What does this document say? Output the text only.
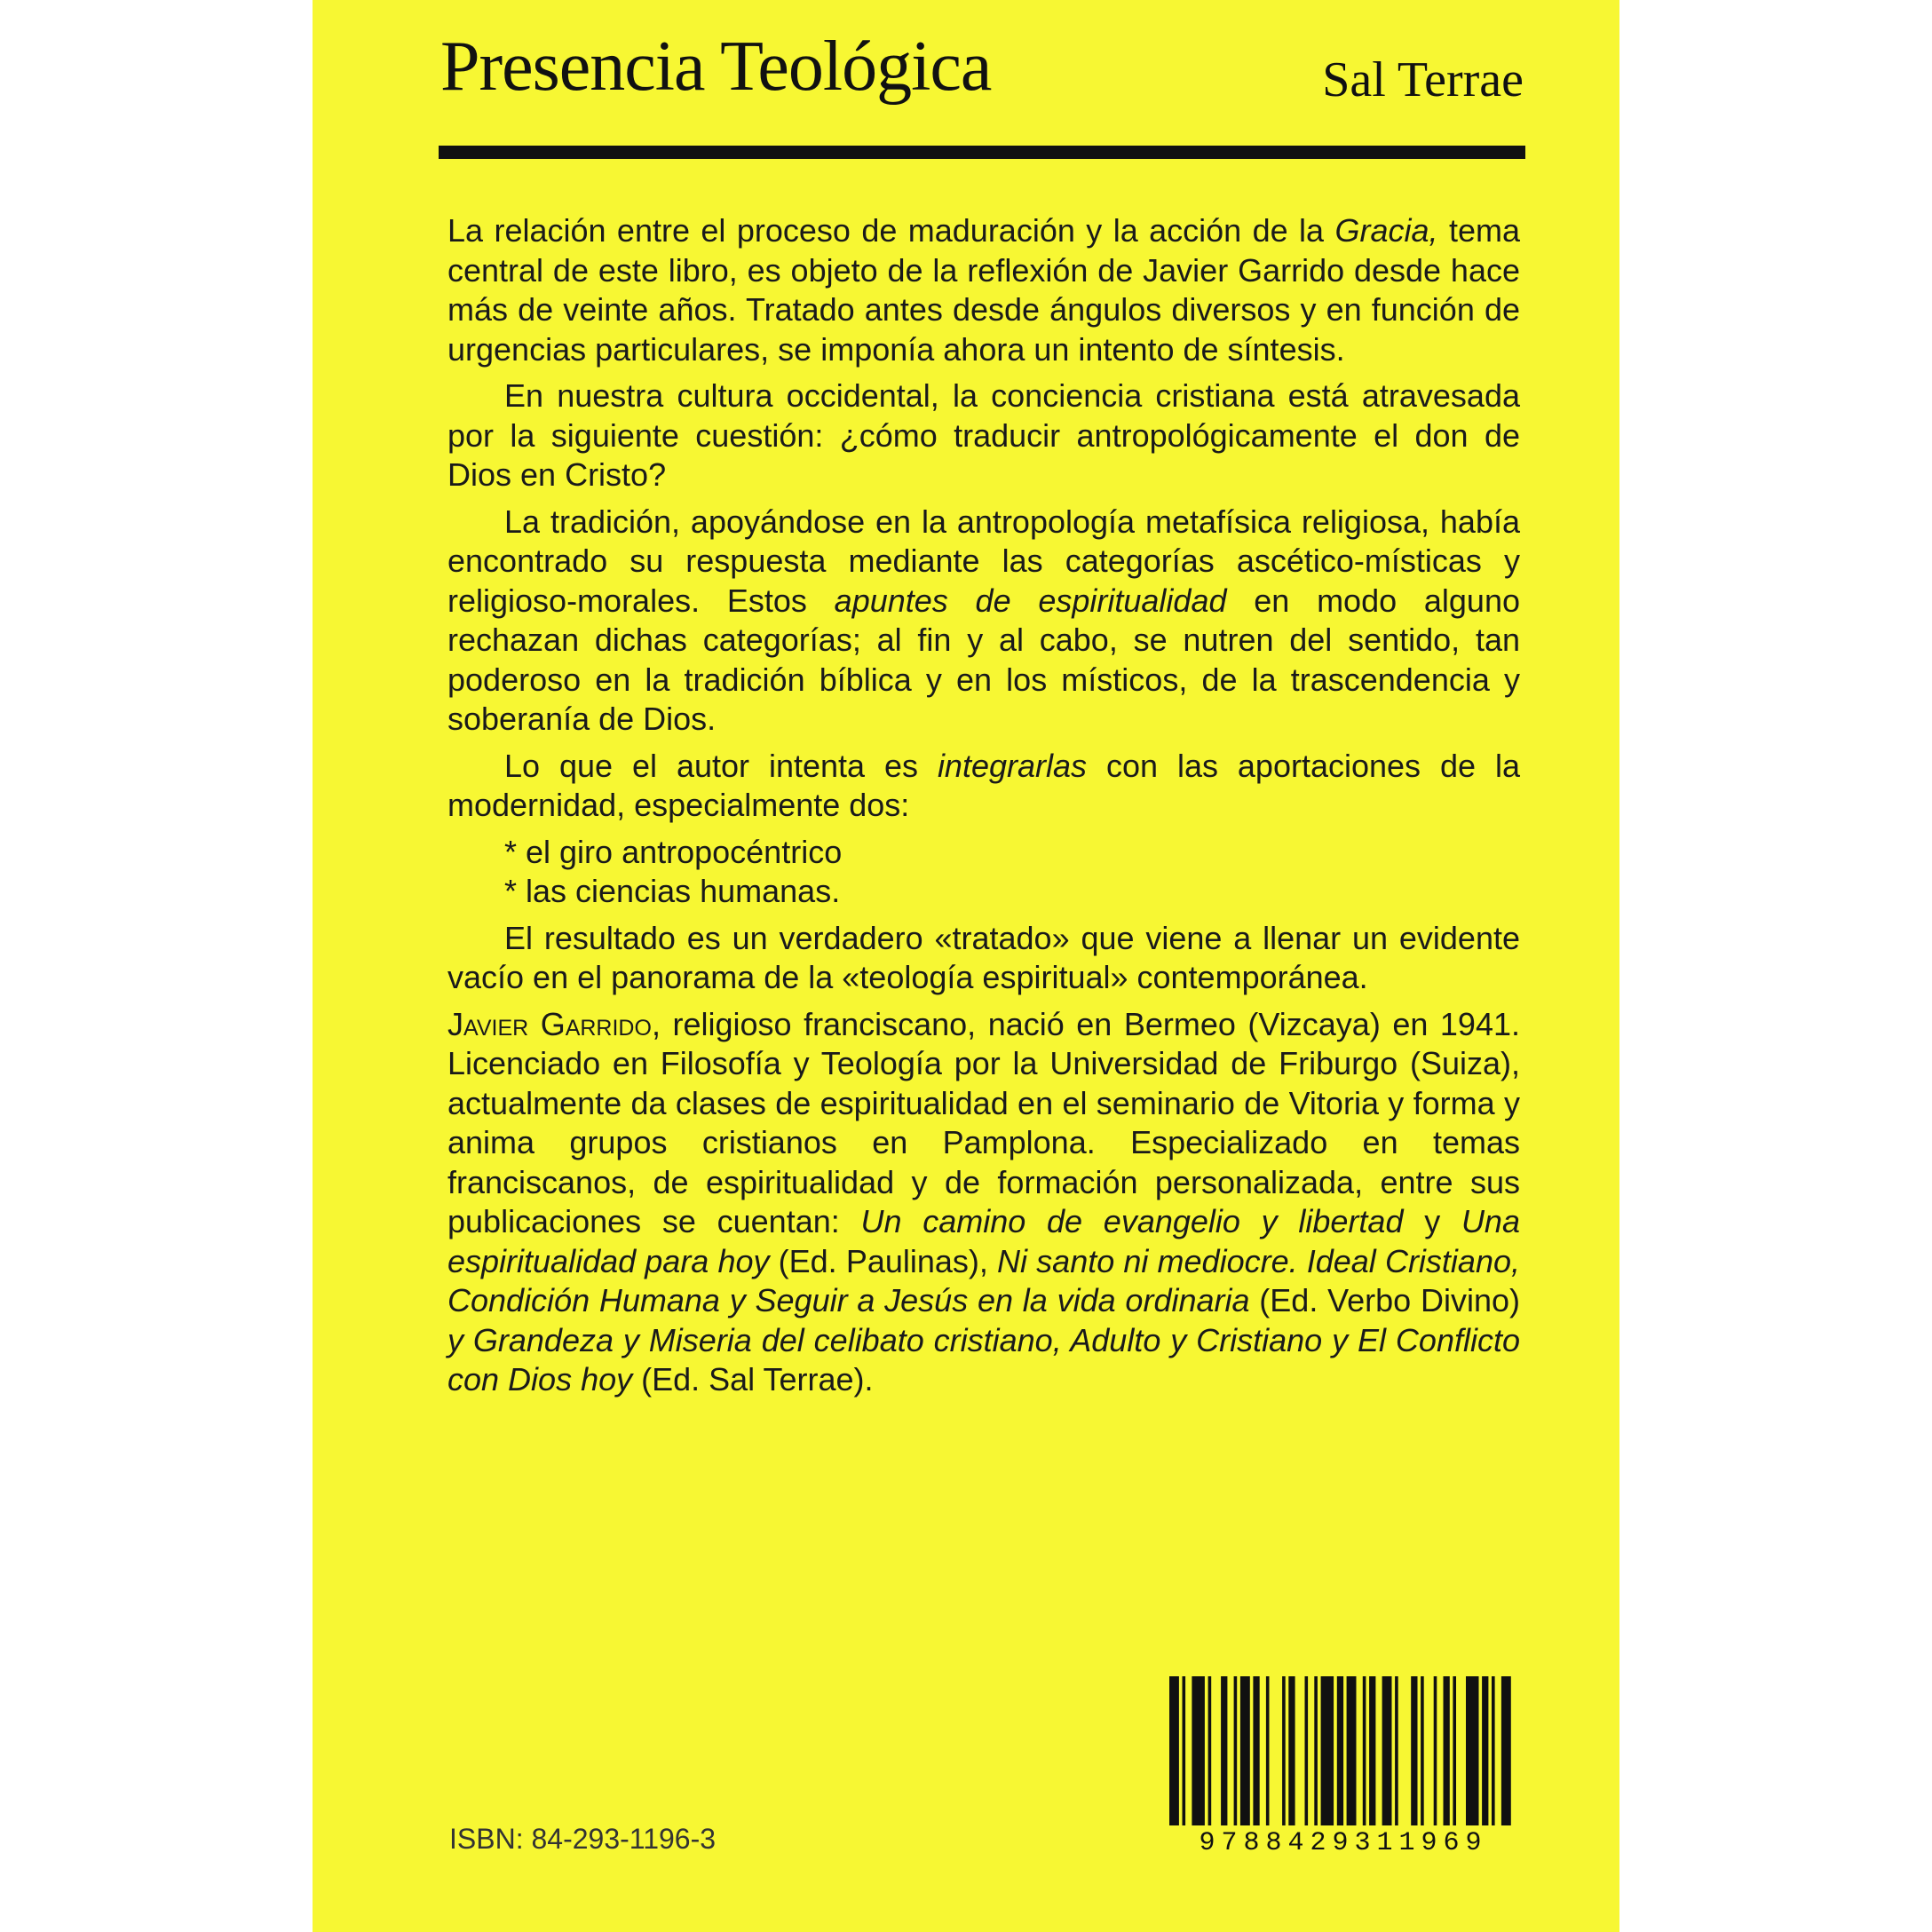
Presencia Teológica	Sal Terrae

La relación entre el proceso de maduración y la acción de la Gracia, tema central de este libro, es objeto de la reflexión de Javier Garrido desde hace más de veinte años. Tratado antes desde ángulos diversos y en función de urgencias particulares, se imponía ahora un intento de síntesis.

En nuestra cultura occidental, la conciencia cristiana está atravesada por la siguiente cuestión: ¿cómo traducir antropológicamente el don de Dios en Cristo?

La tradición, apoyándose en la antropología metafísica religiosa, había encontrado su respuesta mediante las categorías ascético-místicas y religioso-morales. Estos apuntes de espiritualidad en modo alguno rechazan dichas categorías; al fin y al cabo, se nutren del sentido, tan poderoso en la tradición bíblica y en los místicos, de la trascendencia y soberanía de Dios.

Lo que el autor intenta es integrarlas con las aportaciones de la modernidad, especialmente dos:

* el giro antropocéntrico
* las ciencias humanas.

El resultado es un verdadero «tratado» que viene a llenar un evidente vacío en el panorama de la «teología espiritual» contemporánea.

Javier Garrido, religioso franciscano, nació en Bermeo (Vizcaya) en 1941. Licenciado en Filosofía y Teología por la Universidad de Friburgo (Suiza), actualmente da clases de espiritualidad en el seminario de Vitoria y forma y anima grupos cristianos en Pamplona. Especializado en temas franciscanos, de espiritualidad y de formación personalizada, entre sus publicaciones se cuentan: Un camino de evangelio y libertad y Una espiritualidad para hoy (Ed. Paulinas), Ni santo ni mediocre. Ideal Cristiano, Condición Humana y Seguir a Jesús en la vida ordinaria (Ed. Verbo Divino) y Grandeza y Miseria del celibato cristiano, Adulto y Cristiano y El Conflicto con Dios hoy (Ed. Sal Terrae).

ISBN: 84-293-1196-3	9788429311969
